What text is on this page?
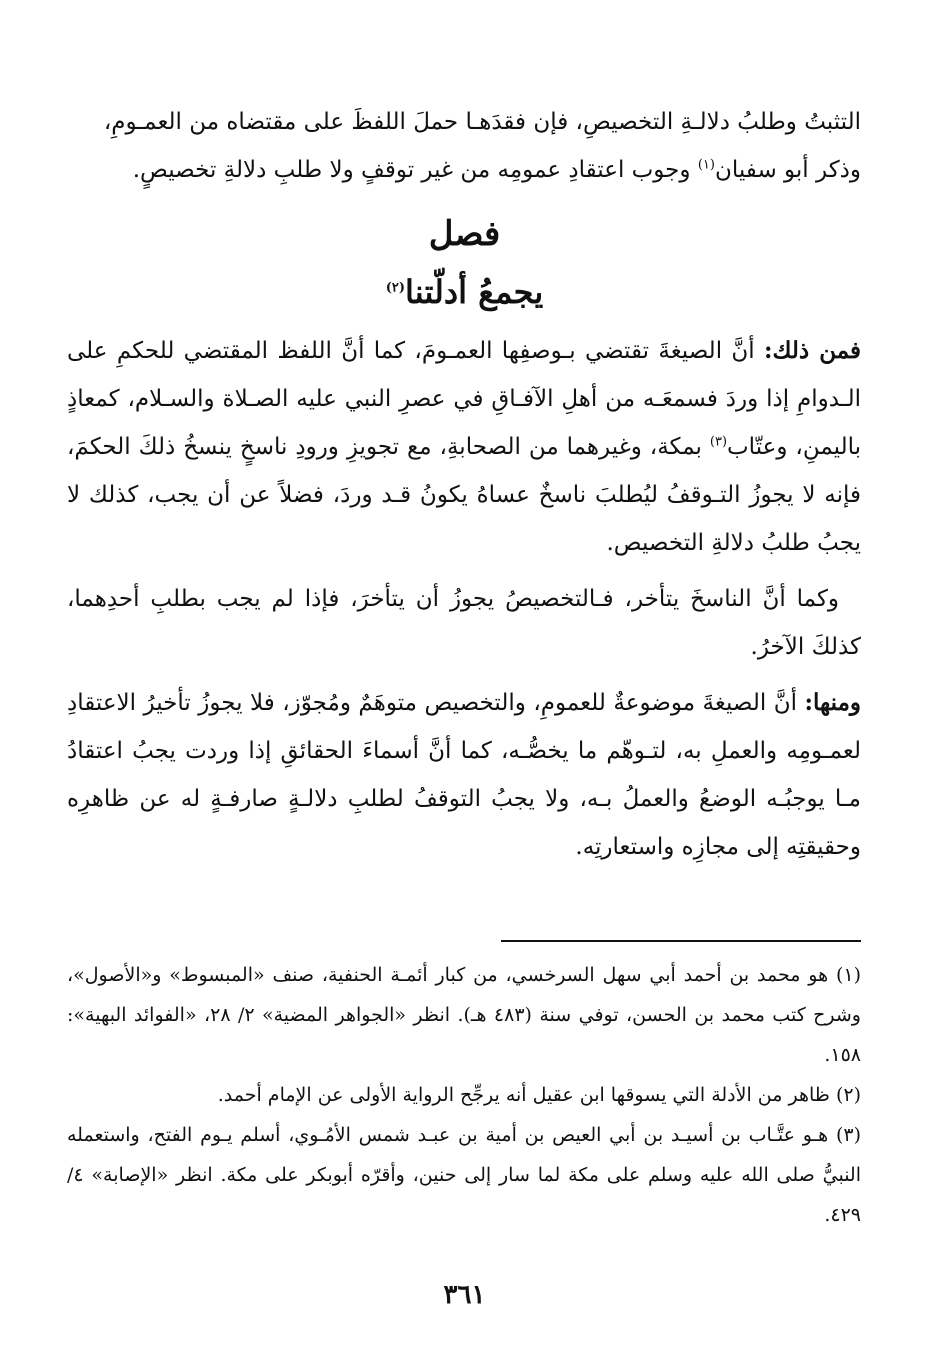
التثبتُ وطلبُ دلالـةِ التخصيصِ، فإن فقدَهـا حملَ اللفظَ على مقتضاه من العمـومِ،

وذكر أبو سفيان$^{(١)}$ وجوب اعتقادِ عمومِه من غير توقفٍ ولا طلبِ دلالةِ تخصيصٍ.

فصل
يجمعُ أدلّتنا$^{(٢)}$

فمن ذلك: أنَّ الصيغةَ تقتضي بـوصفِها العمـومَ، كما أنَّ اللفظ المقتضي للحكمِ على الـدوامِ إذا وردَ فسمعَـه من أهلِ الآفـاقِ في عصرِ النبي عليه الصـلاة والسـلام، كمعاذٍ باليمنِ، وعتّاب$^{(٣)}$ بمكة، وغيرهما من الصحابةِ، مع تجويزِ ورودِ ناسخٍ ينسخُ ذلكَ الحكمَ، فإنه لا يجوزُ التـوقفُ ليُطلبَ ناسخٌ عساهُ يكونُ قـد وردَ، فضلاً عن أن يجب، كذلك لا يجبُ طلبُ دلالةِ التخصيص.

وكما أنَّ الناسخَ يتأخر، فـالتخصيصُ يجوزُ أن يتأخرَ، فإذا لم يجب بطلبِ أحدِهما، كذلكَ الآخرُ.

ومنها: أنَّ الصيغةَ موضوعةٌ للعمومِ، والتخصيص متوهَمٌ ومُجوّز، فلا يجوزُ تأخيرُ الاعتقادِ لعمـومِه والعملِ به، لتـوهّم ما يخصُّـه، كما أنَّ أسماءَ الحقائقِ إذا وردت يجبُ اعتقادُ مـا يوجبُـه الوضعُ والعملُ بـه، ولا يجبُ التوقفُ لطلبِ دلالـةٍ صارفـةٍ له عن ظاهرِه وحقيقتِه إلى مجازِه واستعارتِه.

(١) هو محمد بن أحمد أبي سهل السرخسي، من كبار أئمـة الحنفية، صنف «المبسوط» و«الأصول»، وشرح كتب محمد بن الحسن، توفي سنة (٤٨٣ هـ). انظر «الجواهر المضية» ٢/ ٢٨، «الفوائد البهية»: ١٥٨.

(٢) ظاهر من الأدلة التي يسوقها ابن عقيل أنه يرجِّح الرواية الأولى عن الإمام أحمد.

(٣) هـو عتَّـاب بن أسيـد بن أبي العيص بن أمية بن عبـد شمس الأمُـوي، أسلم يـوم الفتح، واستعمله النبيُّ صلى الله عليه وسلم على مكة لما سار إلى حنين، وأقرّه أبوبكر على مكة. انظر «الإصابة» ٤/ ٤٢٩.

٣٦١
